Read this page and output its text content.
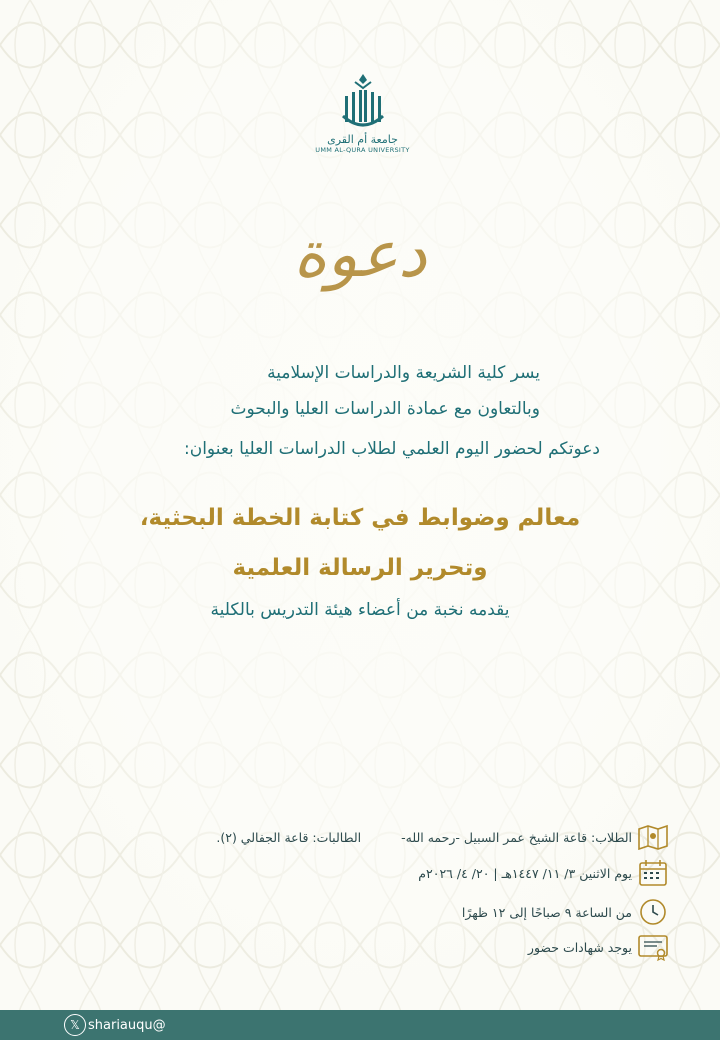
جامعة أم القرى
UMM AL-QURA UNIVERSITY
دعوة
يسر كلية الشريعة والدراسات الإسلامية
وبالتعاون مع عمادة الدراسات العليا والبحوث
دعوتكم لحضور اليوم العلمي لطلاب الدراسات العليا بعنوان:
معالم وضوابط في كتابة الخطة البحثية،
وتحرير الرسالة العلمية
يقدمه نخبة من أعضاء هيئة التدريس بالكلية
الطلاب: قاعة الشيخ عمر السبيل -رحمه الله-
الطالبات: قاعة الجفالي (٢).
يوم الاثنين ٣/ ١١/ ١٤٤٧هـ | ٢٠/ ٤/ ٢٠٢٦م
من الساعة ٩ صباحًا إلى ١٢ ظهرًا
يوجد شهادات حضور
𝕏 shariauqu@
